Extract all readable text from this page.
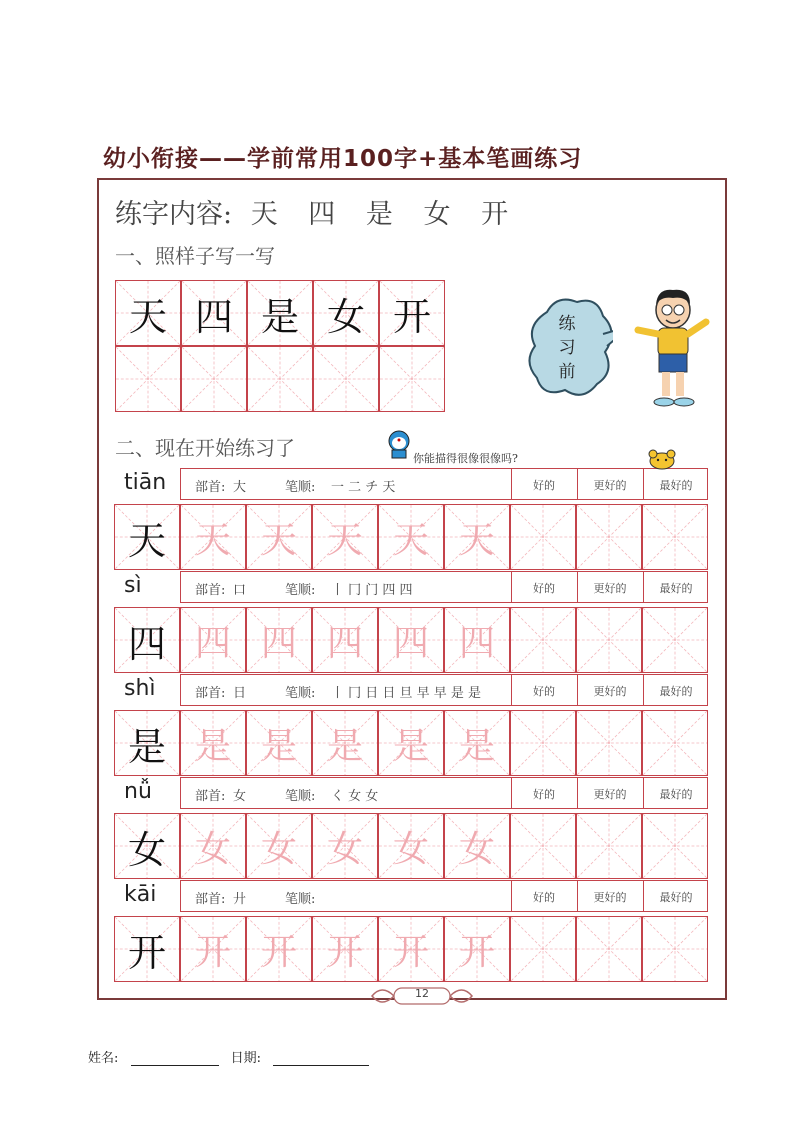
幼小衔接——学前常用100字+基本笔画练习
练字内容: 天 四 是 女 开
一、照样子写一写
二、现在开始练习了
天 四 是 女 开
tiān 部首: 大	笔顺: 一 二 チ 天	好的	更好的	最好的
天 天 天 天 天 天
sì	部首: 口	笔顺: 丨 冂 门 四 四	好的	更好的	最好的
四 四 四 四 四 四
shì	部首: 日	笔顺: 丨 冂 日 日 旦 早 早 是 是	好的	更好的	最好的
是 是 是 是 是 是
nǚ	部首: 女	笔顺: く 女 女	好的	更好的	最好的
女 女 女 女 女 女
kāi	部首: 廾	笔顺:	好的	更好的	最好的
开 开 开 开 开 开
练习前
你能描得很像很像吗?
12
姓名:	日期:
